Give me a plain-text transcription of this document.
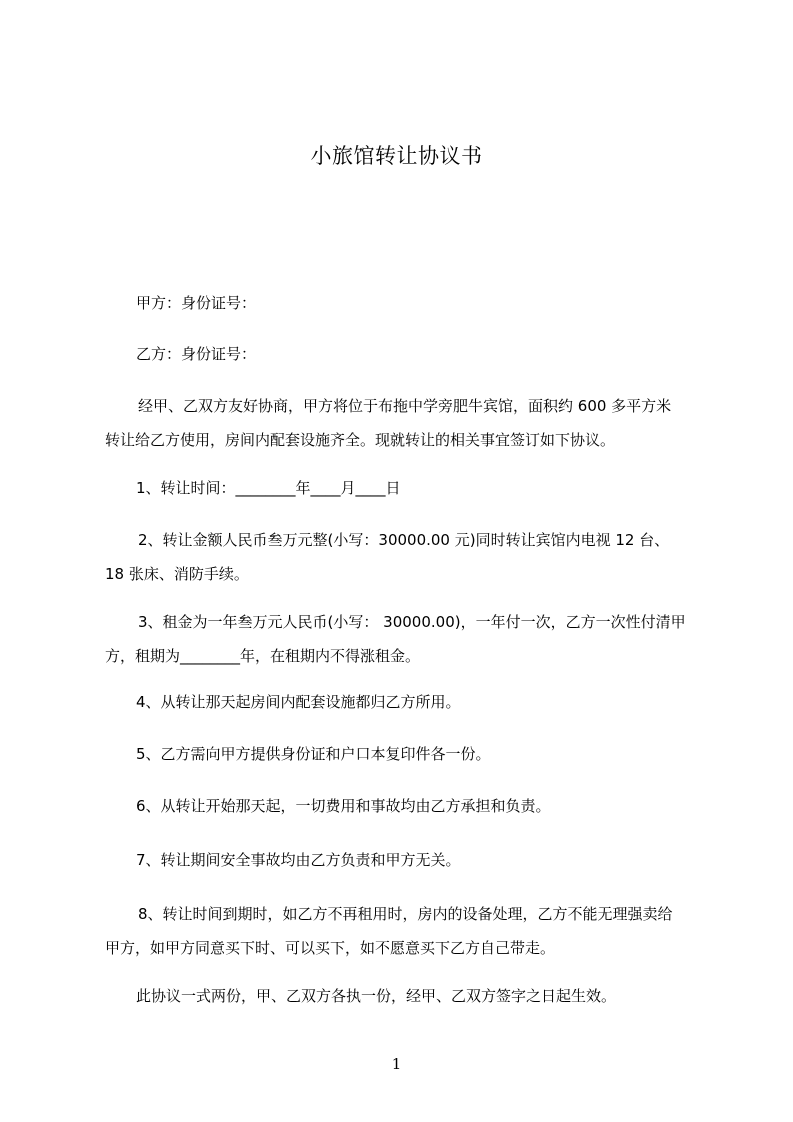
小旅馆转让协议书
甲方：身份证号：
乙方：身份证号：
经甲、乙双方友好协商，甲方将位于布拖中学旁肥牛宾馆，面积约 600 多平方米
转让给乙方使用，房间内配套设施齐全。现就转让的相关事宜签订如下协议。
1、转让时间：________年____月____日
2、转让金额人民币叁万元整(小写：30000.00 元)同时转让宾馆内电视 12 台、
18 张床、消防手续。
3、租金为一年叁万元人民币(小写： 30000.00)，一年付一次，乙方一次性付清甲
方，租期为________年，在租期内不得涨租金。
4、从转让那天起房间内配套设施都归乙方所用。
5、乙方需向甲方提供身份证和户口本复印件各一份。
6、从转让开始那天起，一切费用和事故均由乙方承担和负责。
7、转让期间安全事故均由乙方负责和甲方无关。
8、转让时间到期时，如乙方不再租用时，房内的设备处理，乙方不能无理强卖给
甲方，如甲方同意买下时、可以买下，如不愿意买下乙方自己带走。
此协议一式两份，甲、乙双方各执一份，经甲、乙双方签字之日起生效。
1
